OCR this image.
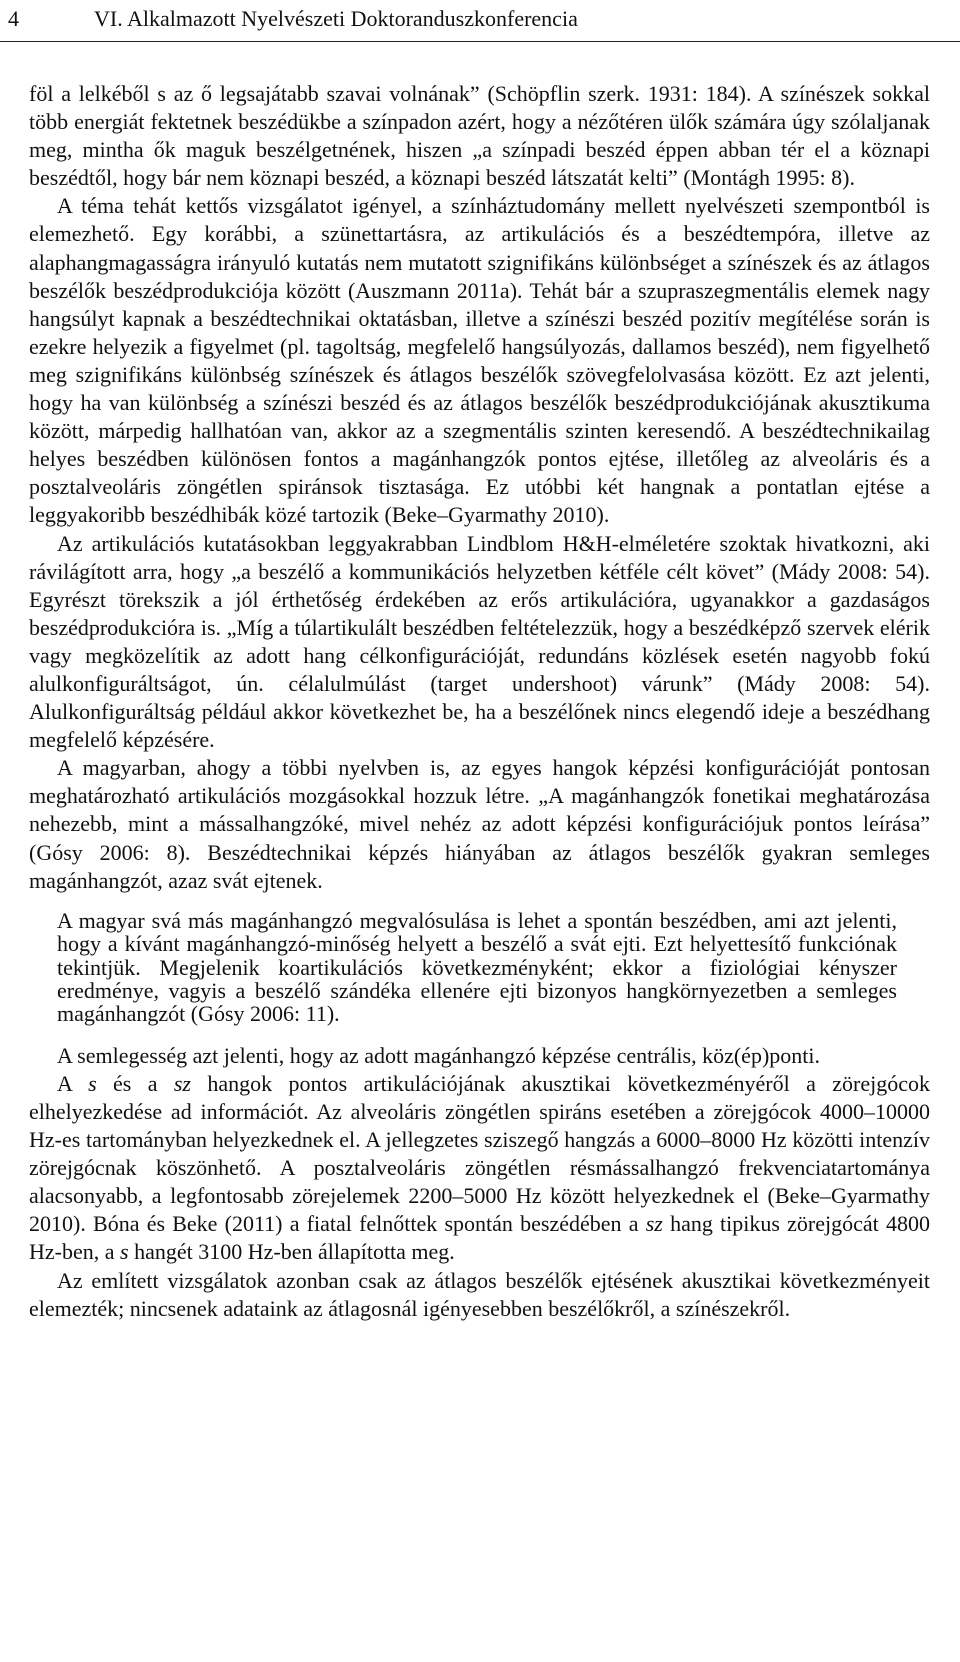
4	VI. Alkalmazott Nyelvészeti Doktoranduszkonferencia

föl a lelkéből s az ő legsajátabb szavai volnának” (Schöpflin szerk. 1931: 184). A színészek sokkal több energiát fektetnek beszédükbe a színpadon azért, hogy a nézőtéren ülők számára úgy szólaljanak meg, mintha ők maguk beszélgetnének, hiszen „a színpadi beszéd éppen abban tér el a köznapi beszédtől, hogy bár nem köznapi beszéd, a köznapi beszéd látszatát kelti” (Montágh 1995: 8).

A téma tehát kettős vizsgálatot igényel, a színháztudomány mellett nyelvészeti szempontból is elemezhető. Egy korábbi, a szünettartásra, az artikulációs és a beszédtempóra, illetve az alaphangmagasságra irányuló kutatás nem mutatott szignifikáns különbséget a színészek és az átlagos beszélők beszédprodukciója között (Auszmann 2011a). Tehát bár a szupraszegmentális elemek nagy hangsúlyt kapnak a beszédtechnikai oktatásban, illetve a színészi beszéd pozitív megítélése során is ezekre helyezik a figyelmet (pl. tagoltság, megfelelő hangsúlyozás, dallamos beszéd), nem figyelhető meg szignifikáns különbség színészek és átlagos beszélők szövegfelolvasása között. Ez azt jelenti, hogy ha van különbség a színészi beszéd és az átlagos beszélők beszédprodukciójának akusztikuma között, márpedig hallhatóan van, akkor az a szegmentális szinten keresendő. A beszédtechnikailag helyes beszédben különösen fontos a magánhangzók pontos ejtése, illetőleg az alveoláris és a posztalveoláris zöngétlen spiránsok tisztasága. Ez utóbbi két hangnak a pontatlan ejtése a leggyakoribb beszédhibák közé tartozik (Beke–Gyarmathy 2010).

Az artikulációs kutatásokban leggyakrabban Lindblom H&H-elméletére szoktak hivatkozni, aki rávilágított arra, hogy „a beszélő a kommunikációs helyzetben kétféle célt követ” (Mády 2008: 54). Egyrészt törekszik a jól érthetőség érdekében az erős artikulációra, ugyanakkor a gazdaságos beszédprodukcióra is. „Míg a túlartikulált beszédben feltételezzük, hogy a beszédképző szervek elérik vagy megközelítik az adott hang célkonfigurációját, redundáns közlések esetén nagyobb fokú alulkonfiguráltságot, ún. célalulmúlást (target undershoot) várunk” (Mády 2008: 54). Alulkonfiguráltság például akkor következhet be, ha a beszélőnek nincs elegendő ideje a beszédhang megfelelő képzésére.

A magyarban, ahogy a többi nyelvben is, az egyes hangok képzési konfigurációját pontosan meghatározható artikulációs mozgásokkal hozzuk létre. „A magánhangzók fonetikai meghatározása nehezebb, mint a mássalhangzóké, mivel nehéz az adott képzési konfigurációjuk pontos leírása” (Gósy 2006: 8). Beszédtechnikai képzés hiányában az átlagos beszélők gyakran semleges magánhangzót, azaz svát ejtenek.

A magyar svá más magánhangzó megvalósulása is lehet a spontán beszédben, ami azt jelenti, hogy a kívánt magánhangzó-minőség helyett a beszélő a svát ejti. Ezt helyettesítő funkciónak tekintjük. Megjelenik koartikulációs következményként; ekkor a fiziológiai kényszer eredménye, vagyis a beszélő szándéka ellenére ejti bizonyos hangkörnyezetben a semleges magánhangzót (Gósy 2006: 11).

A semlegesség azt jelenti, hogy az adott magánhangzó képzése centrális, köz(ép)ponti.

A s és a sz hangok pontos artikulációjának akusztikai következményéről a zörejgócok elhelyezkedése ad információt. Az alveoláris zöngétlen spiráns esetében a zörejgócok 4000–10000 Hz-es tartományban helyezkednek el. A jellegzetes sziszegő hangzás a 6000–8000 Hz közötti intenzív zörejgócnak köszönhető. A posztalveoláris zöngétlen résmássalhangzó frekvenciatartománya alacsonyabb, a legfontosabb zörejelemek 2200–5000 Hz között helyezkednek el (Beke–Gyarmathy 2010). Bóna és Beke (2011) a fiatal felnőttek spontán beszédében a sz hang tipikus zörejgócát 4800 Hz-ben, a s hangét 3100 Hz-ben állapította meg.

Az említett vizsgálatok azonban csak az átlagos beszélők ejtésének akusztikai következményeit elemezték; nincsenek adataink az átlagosnál igényesebben beszélőkről, a színészekről.
